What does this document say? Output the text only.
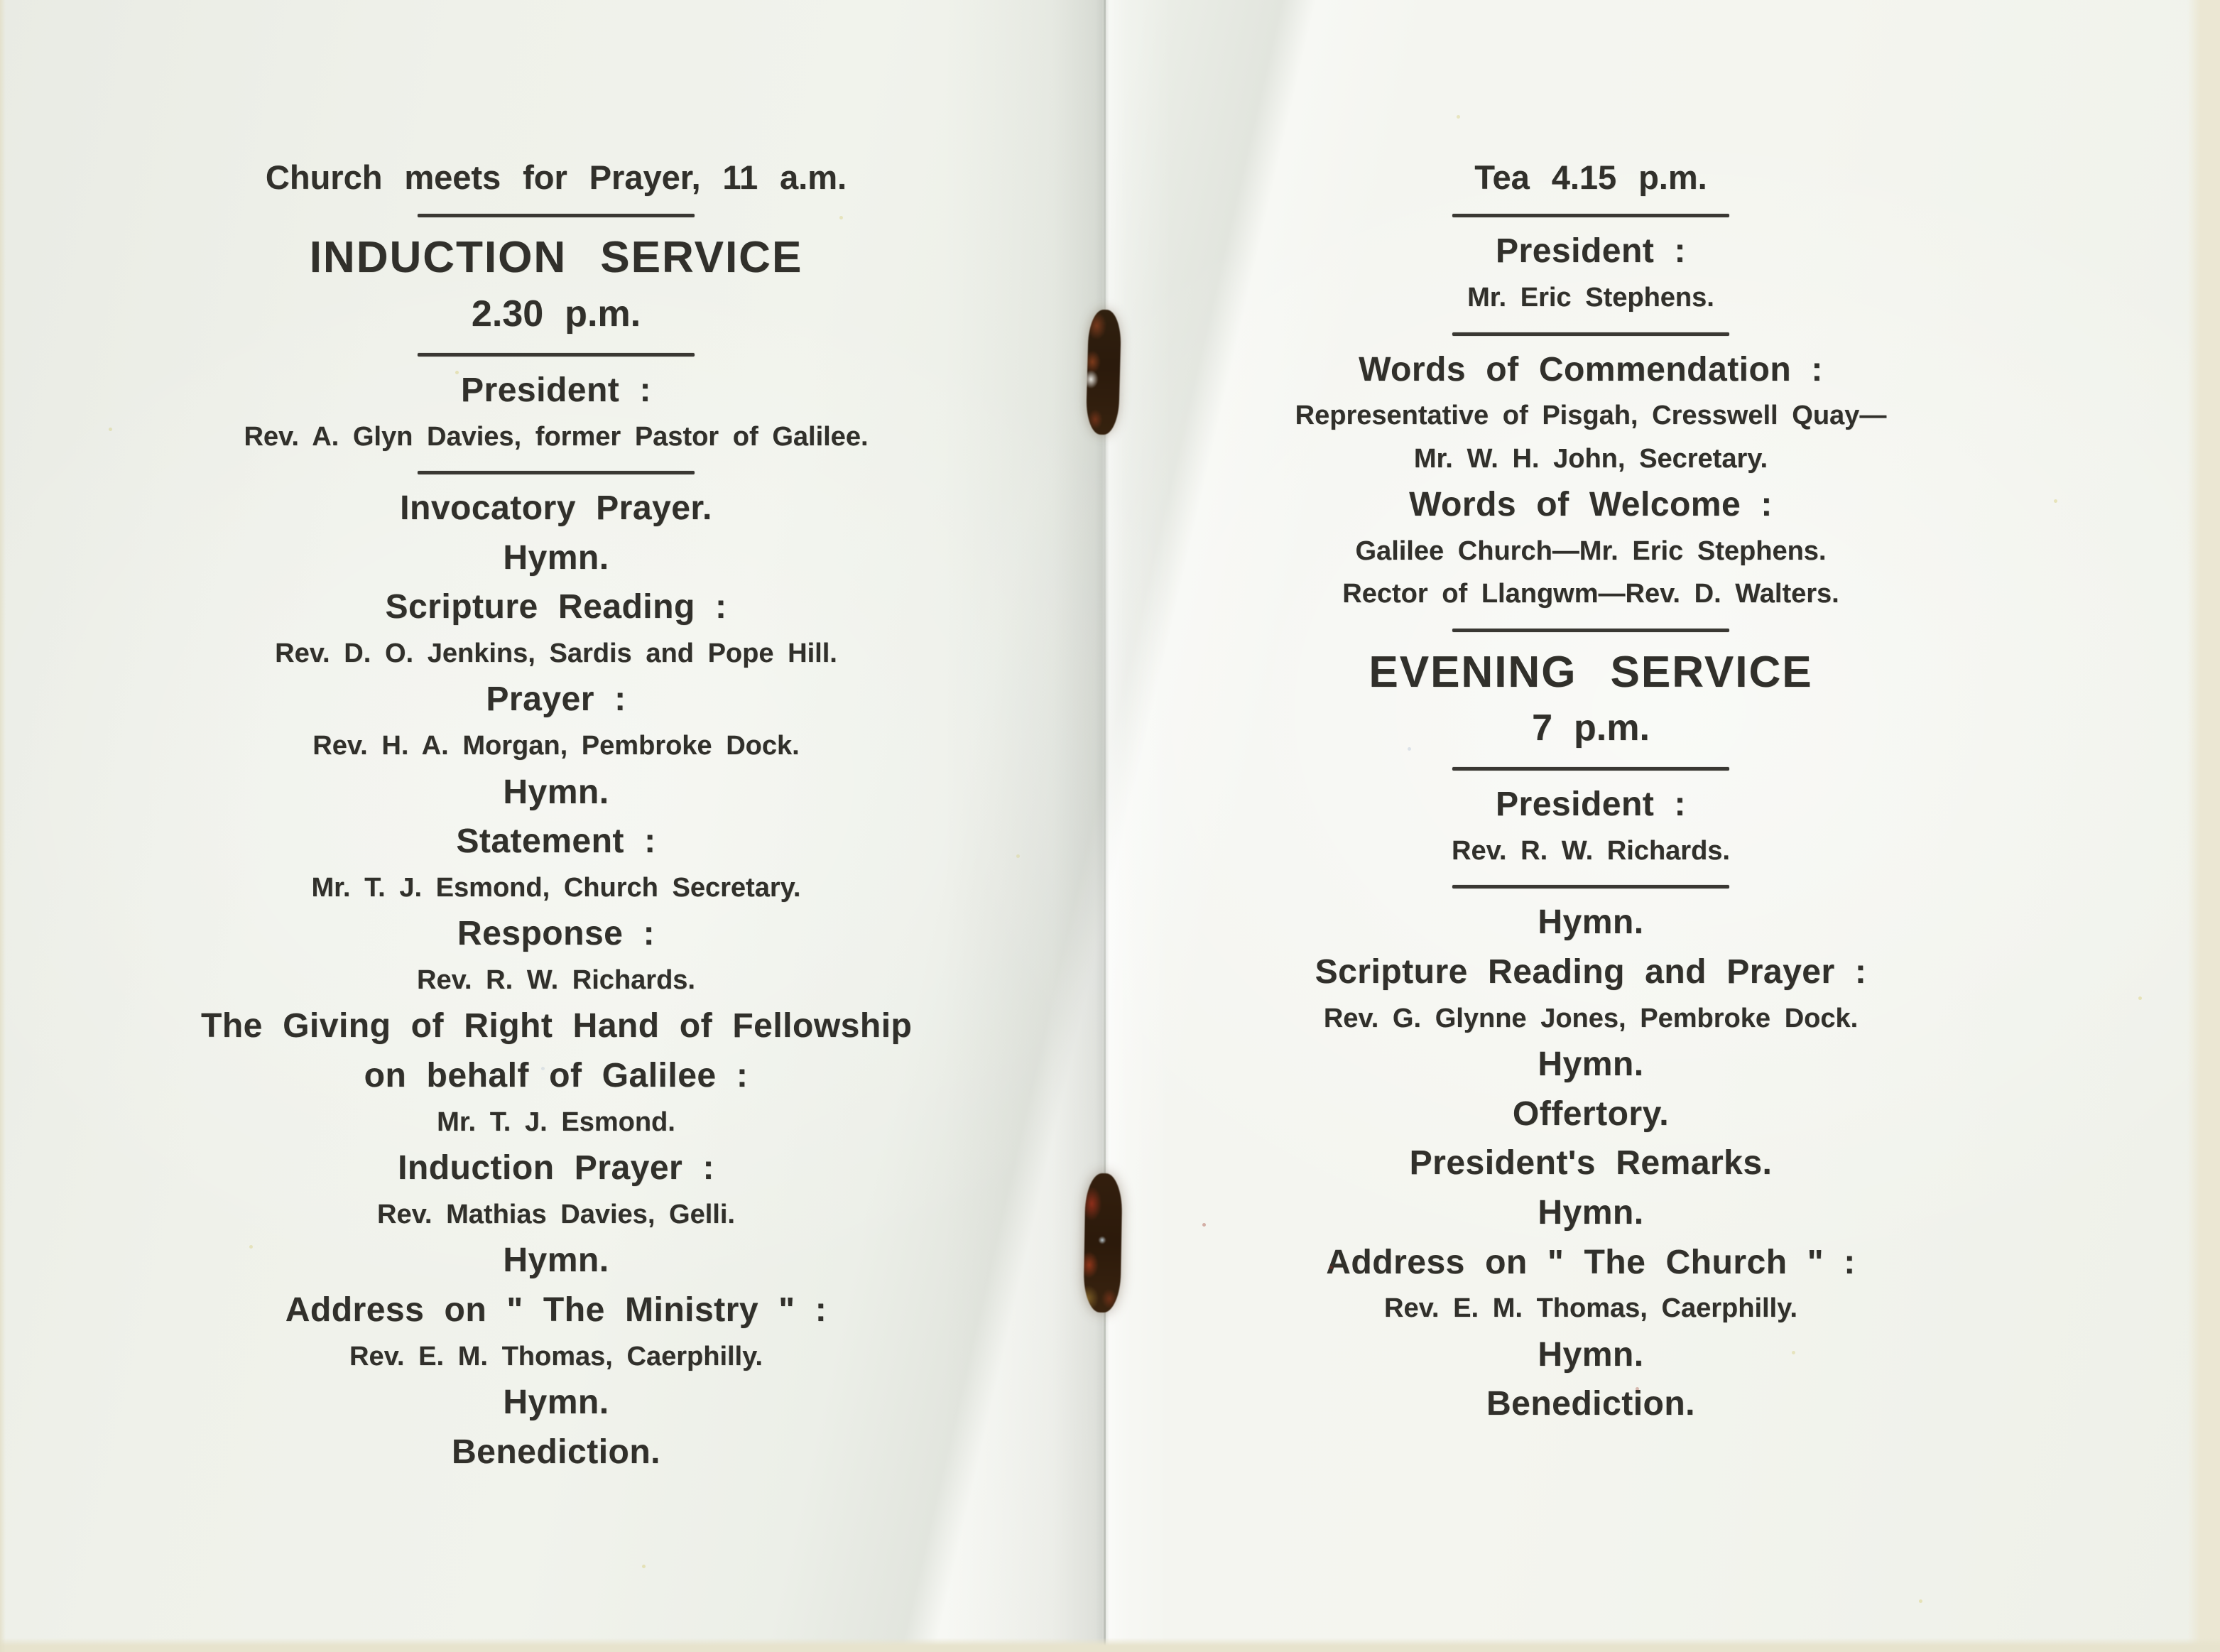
Church meets for Prayer, 11 a.m.
INDUCTION SERVICE
2.30 p.m.
President :
Rev. A. Glyn Davies, former Pastor of Galilee.
Invocatory Prayer.
Hymn.
Scripture Reading :
Rev. D. O. Jenkins, Sardis and Pope Hill.
Prayer :
Rev. H. A. Morgan, Pembroke Dock.
Hymn.
Statement :
Mr. T. J. Esmond, Church Secretary.
Response :
Rev. R. W. Richards.
The Giving of Right Hand of Fellowship
on behalf of Galilee :
Mr. T. J. Esmond.
Induction Prayer :
Rev. Mathias Davies, Gelli.
Hymn.
Address on " The Ministry " :
Rev. E. M. Thomas, Caerphilly.
Hymn.
Benediction.
Tea 4.15 p.m.
President :
Mr. Eric Stephens.
Words of Commendation :
Representative of Pisgah, Cresswell Quay—
Mr. W. H. John, Secretary.
Words of Welcome :
Galilee Church—Mr. Eric Stephens.
Rector of Llangwm—Rev. D. Walters.
EVENING SERVICE
7 p.m.
President :
Rev. R. W. Richards.
Hymn.
Scripture Reading and Prayer :
Rev. G. Glynne Jones, Pembroke Dock.
Hymn.
Offertory.
President's Remarks.
Hymn.
Address on " The Church " :
Rev. E. M. Thomas, Caerphilly.
Hymn.
Benediction.
